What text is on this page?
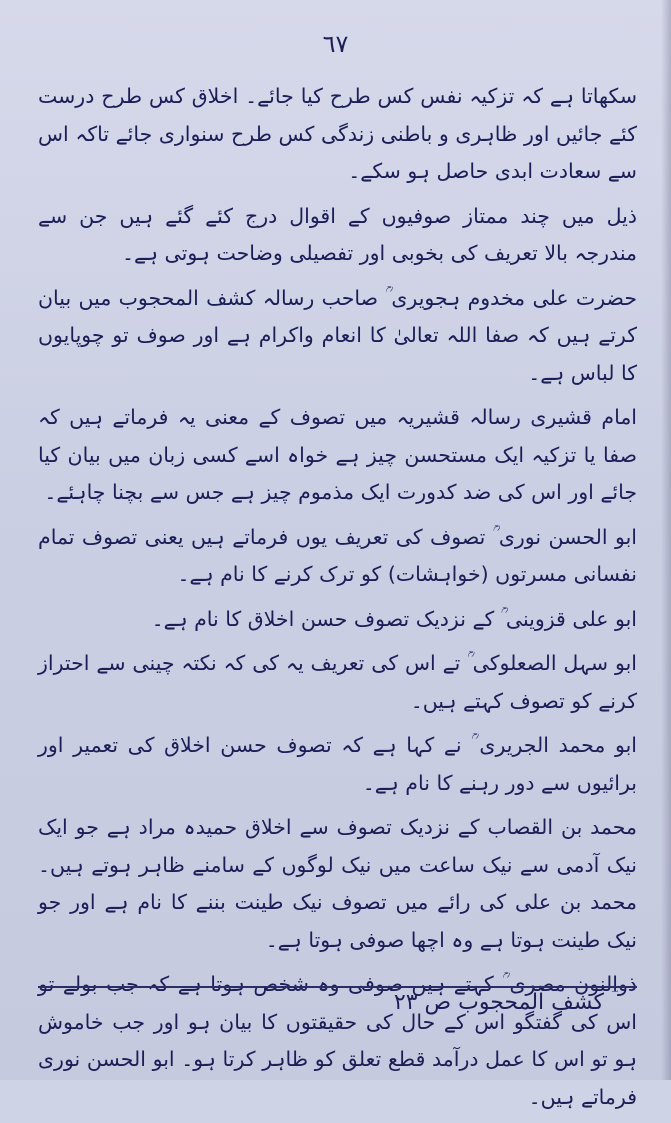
٦٧

سکھاتا ہے کہ تزکیہ نفس کس طرح کیا جائے۔ اخلاق کس طرح درست کئے جائیں اور ظاہری و باطنی زندگی کس طرح سنواری جائے تاکہ اس سے سعادت ابدی حاصل ہو سکے۔

ذیل میں چند ممتاز صوفیوں کے اقوال درج کئے گئے ہیں جن سے مندرجہ بالا تعریف کی بخوبی اور تفصیلی وضاحت ہوتی ہے۔

حضرت علی مخدوم ہجویری ؒ صاحب رسالہ کشف المحجوب میں بیان کرتے ہیں کہ صفا اللہ تعالیٰ کا انعام واکرام ہے اور صوف تو چوپایوں کا لباس ہے۔

امام قشیری رسالہ قشیریہ میں تصوف کے معنی یہ فرماتے ہیں کہ صفا یا تزکیہ ایک مستحسن چیز ہے خواہ اسے کسی زبان میں بیان کیا جائے اور اس کی ضد کدورت ایک مذموم چیز ہے جس سے بچنا چاہئے۔

ابو الحسن نوری ؒ تصوف کی تعریف یوں فرماتے ہیں یعنی تصوف تمام نفسانی مسرتوں (خواہشات) کو ترک کرنے کا نام ہے۔

ابو علی قزوینی ؒ کے نزدیک تصوف حسن اخلاق کا نام ہے۔

ابو سہل الصعلوکی ؒ تے اس کی تعریف یہ کی کہ نکتہ چینی سے احتراز کرنے کو تصوف کہتے ہیں۔

ابو محمد الجریری ؒ نے کہا ہے کہ تصوف حسن اخلاق کی تعمیر اور برائیوں سے دور رہنے کا نام ہے۔

محمد بن القصاب کے نزدیک تصوف سے اخلاق حمیدہ مراد ہے جو ایک نیک آدمی سے نیک ساعت میں نیک لوگوں کے سامنے ظاہر ہوتے ہیں۔ محمد بن علی کی رائے میں تصوف نیک طینت بننے کا نام ہے اور جو نیک طینت ہوتا ہے وہ اچھا صوفی ہوتا ہے۔

ذوالنون مصری ؒ کہتے ہیں صوفی وہ شخص ہوتا ہے کہ جب بولے تو اس کی گفتگو اس کے حال کی حقیقتوں کا بیان ہو اور جب خاموش ہو تو اس کا عمل درآمد قطع تعلق کو ظاہر کرتا ہو۔ ابو الحسن نوری فرماتے ہیں۔

ؔ کشف المحجوب ص ۲۳
